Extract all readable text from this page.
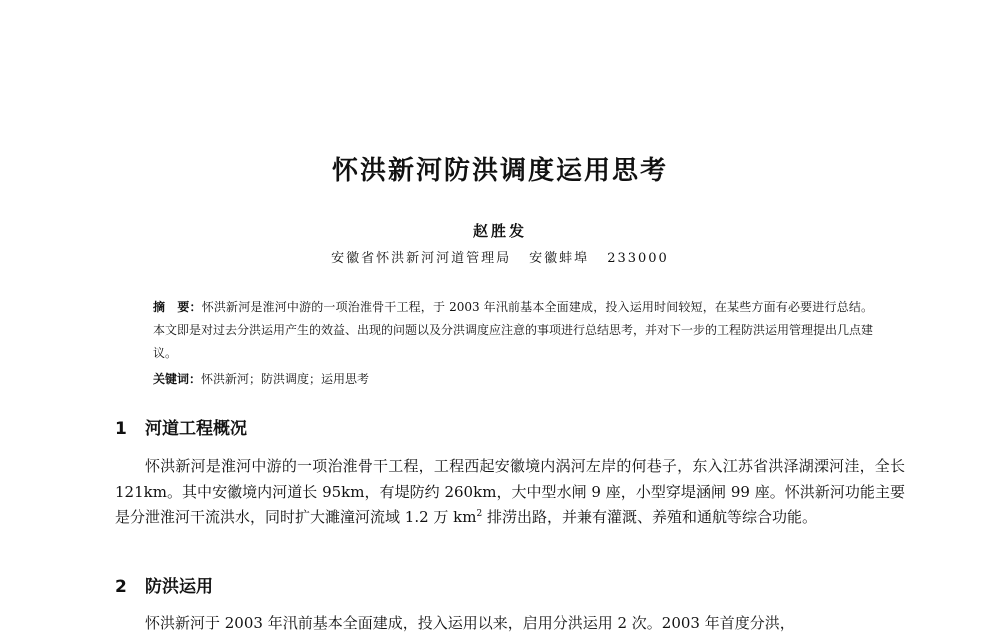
怀洪新河防洪调度运用思考
赵胜发
安徽省怀洪新河河道管理局 安徽蚌埠 233000

摘　要：怀洪新河是淮河中游的一项治淮骨干工程，于 2003 年汛前基本全面建成，投入运用时间较短，在某些方面有必要进行总结。本文即是对过去分洪运用产生的效益、出现的问题以及分洪调度应注意的事项进行总结思考，并对下一步的工程防洪运用管理提出几点建议。

关键词：怀洪新河；防洪调度；运用思考

1 河道工程概况

怀洪新河是淮河中游的一项治淮骨干工程，工程西起安徽境内涡河左岸的何巷子，东入江苏省洪泽湖溧河洼，全长 121km。其中安徽境内河道长 95km，有堤防约 260km，大中型水闸 9 座，小型穿堤涵闸 99 座。怀洪新河功能主要是分泄淮河干流洪水，同时扩大濉潼河流域 1.2 万 $km^2$ 排涝出路，并兼有灌溉、养殖和通航等综合功能。

2 防洪运用

怀洪新河于 2003 年汛前基本全面建成，投入运用以来，启用分洪运用 2 次。2003 年首度分洪，
